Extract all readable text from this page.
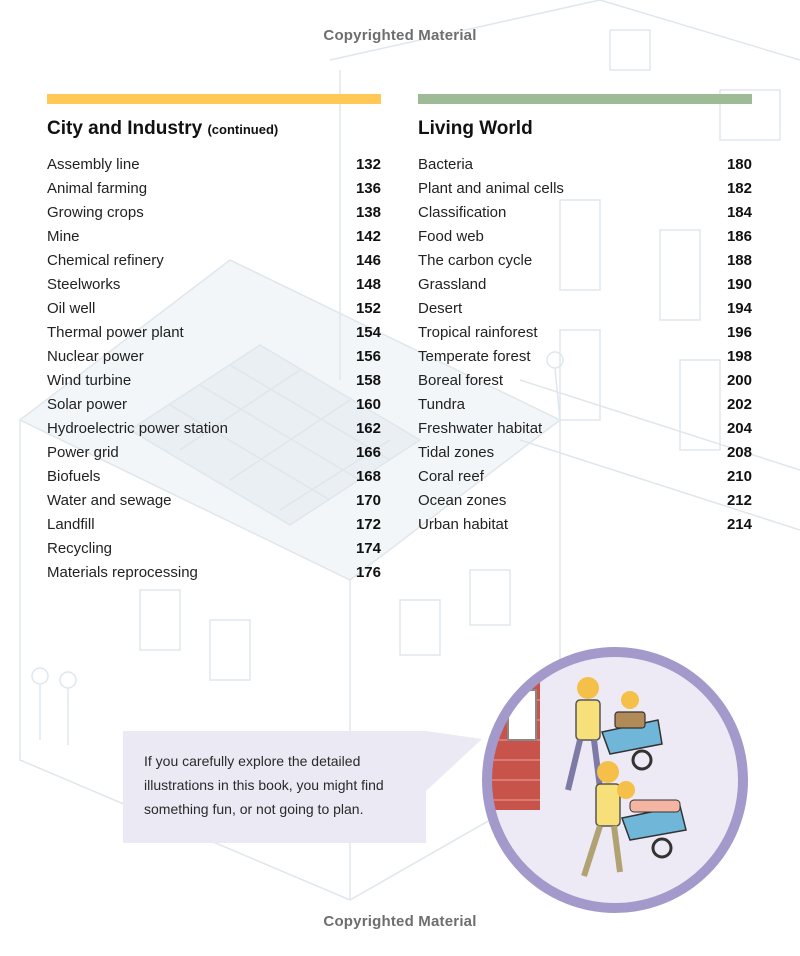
Copyrighted Material
City and Industry (continued)
Assembly line	132
Animal farming	136
Growing crops	138
Mine	142
Chemical refinery	146
Steelworks	148
Oil well	152
Thermal power plant	154
Nuclear power	156
Wind turbine	158
Solar power	160
Hydroelectric power station	162
Power grid	166
Biofuels	168
Water and sewage	170
Landfill	172
Recycling	174
Materials reprocessing	176
Living World
Bacteria	180
Plant and animal cells	182
Classification	184
Food web	186
The carbon cycle	188
Grassland	190
Desert	194
Tropical rainforest	196
Temperate forest	198
Boreal forest	200
Tundra	202
Freshwater habitat	204
Tidal zones	208
Coral reef	210
Ocean zones	212
Urban habitat	214
If you carefully explore the detailed
illustrations in this book, you might find
something fun, or not going to plan.
Copyrighted Material
